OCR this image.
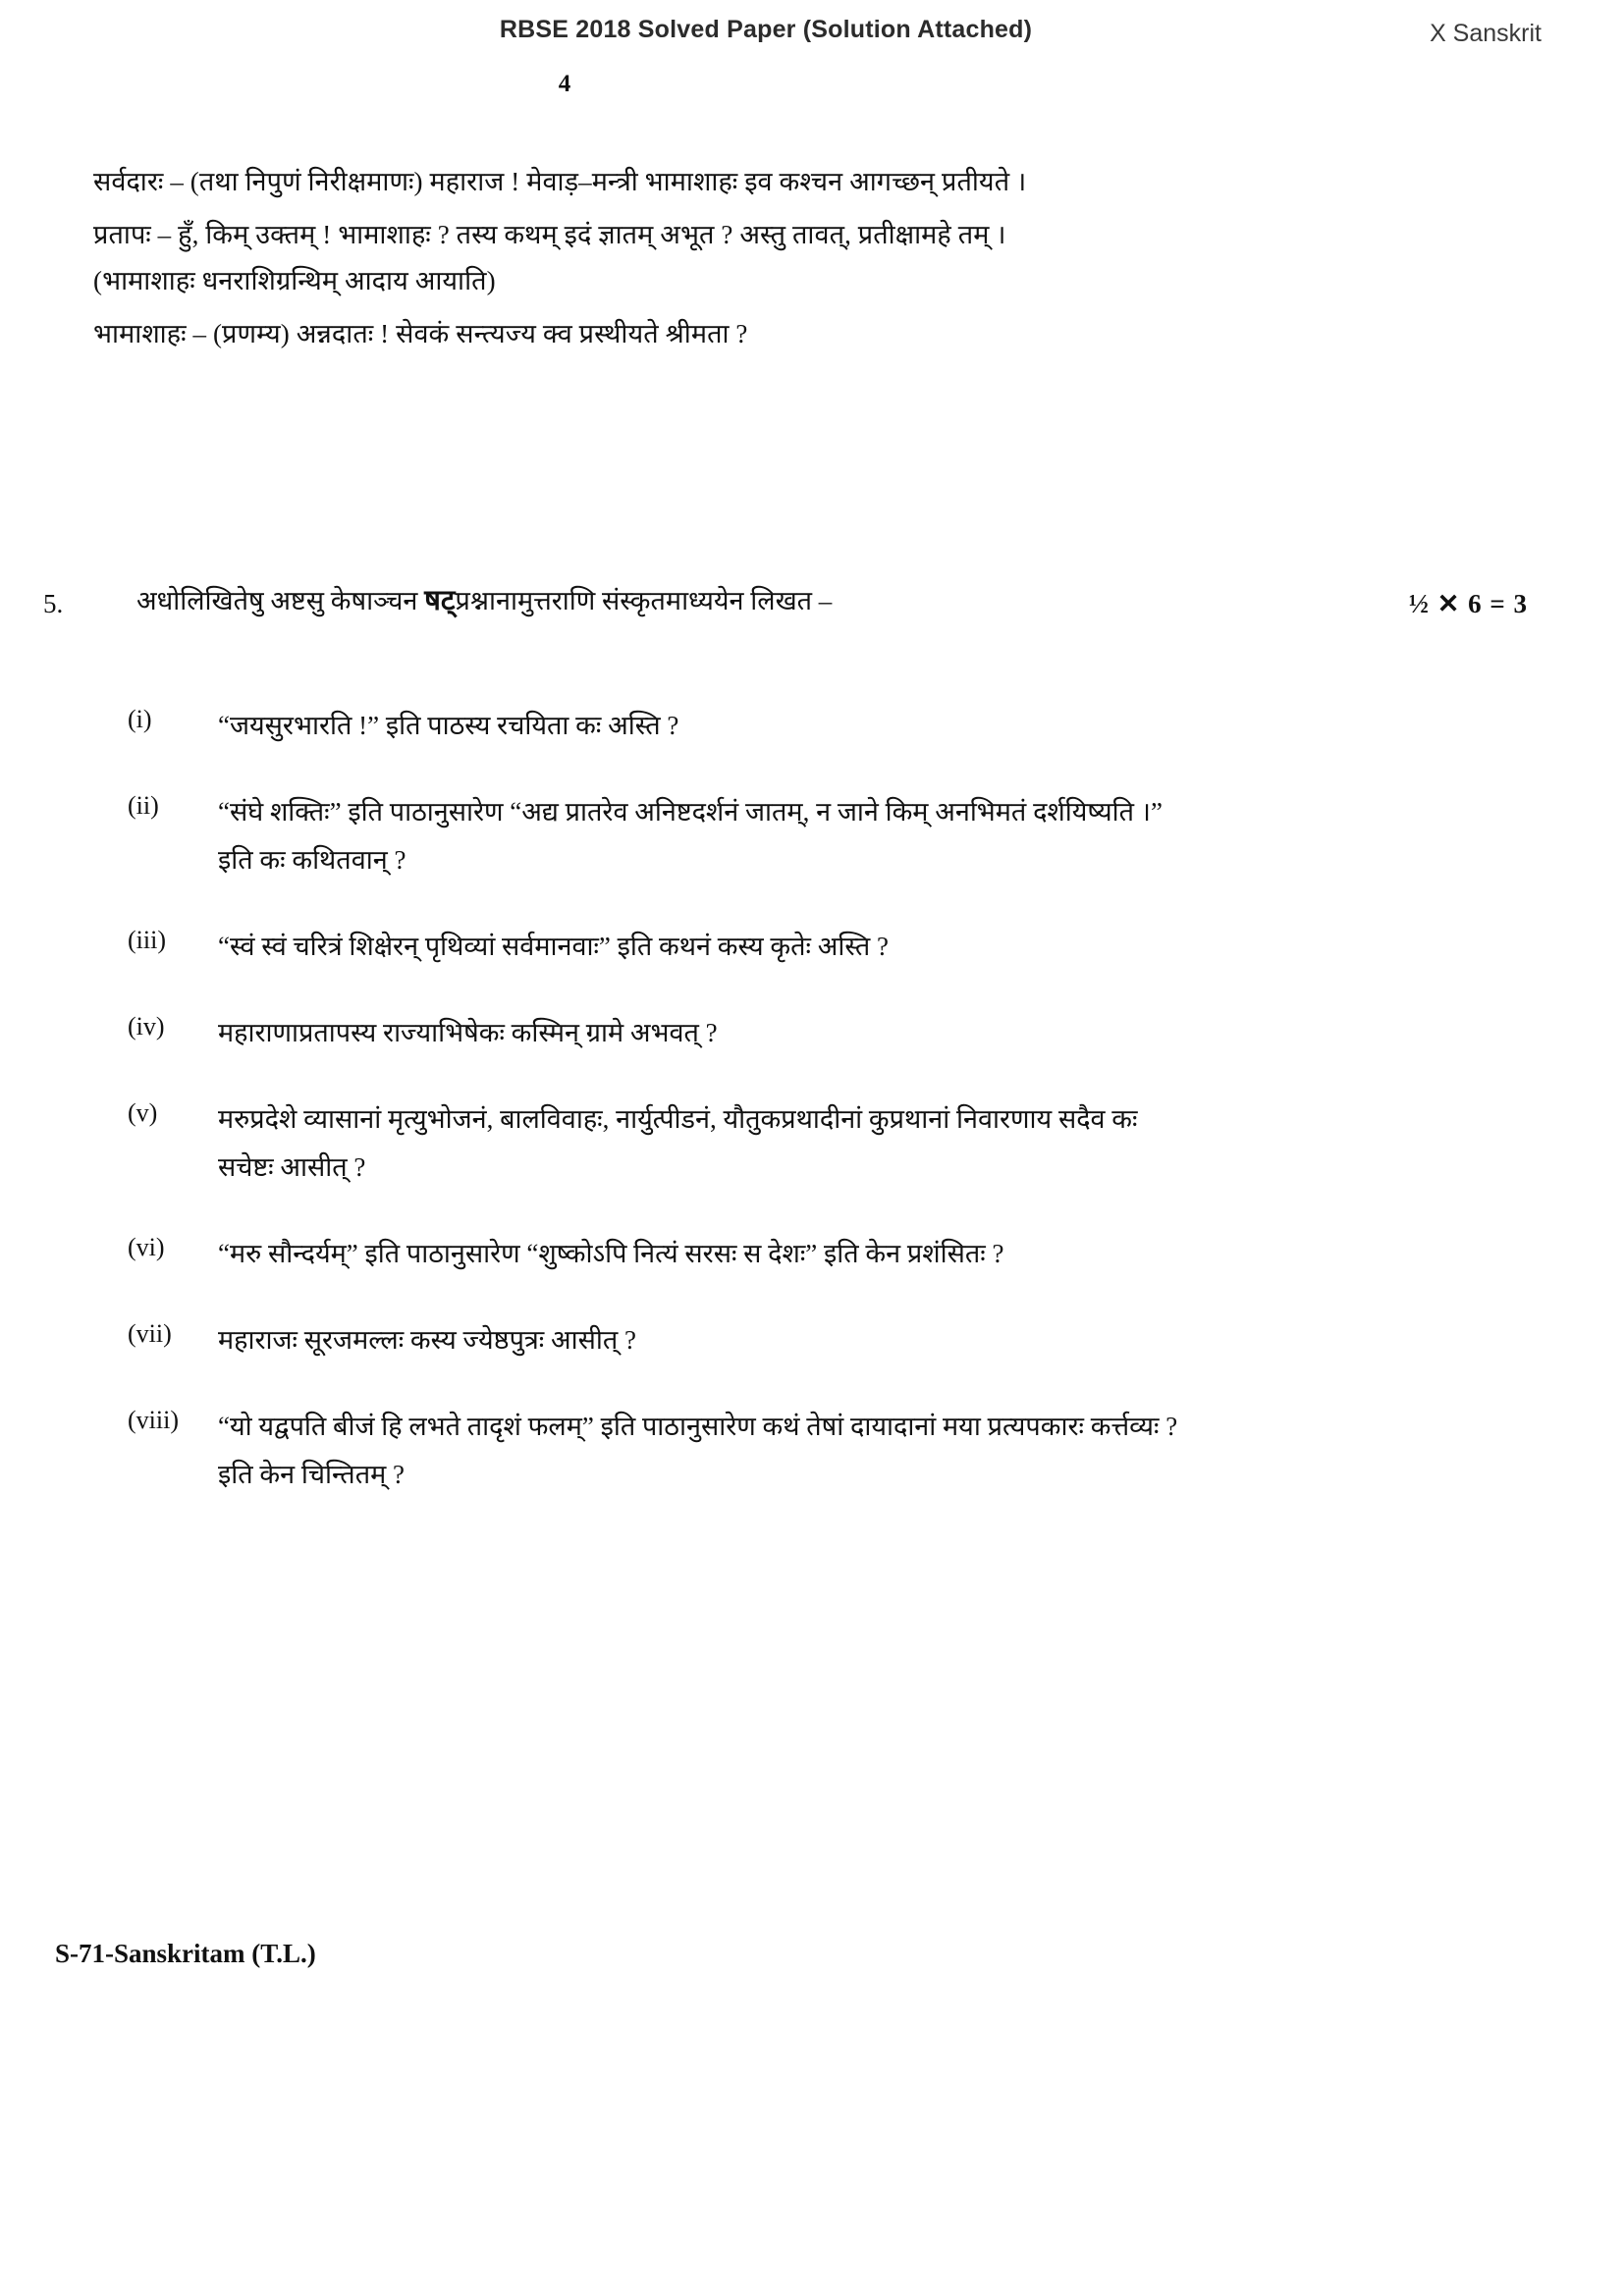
RBSE 2018 Solved Paper (Solution Attached)	X Sanskrit
4
सर्वदारः – (तथा निपुणं निरीक्षमाणः) महाराज ! मेवाड़–मन्त्री भामाशाहः इव कश्चन आगच्छन् प्रतीयते ।
प्रतापः – हुँ, किम् उक्तम् ! भामाशाहः ? तस्य कथम् इदं ज्ञातम् अभूत ? अस्तु तावत्, प्रतीक्षामहे तम् ।
(भामाशाहः धनराशिग्रन्थिम् आदाय आयाति)
भामाशाहः – (प्रणम्य) अन्नदातः ! सेवकं सन्त्यज्य क्व प्रस्थीयते श्रीमता ?
5.	अधोलिखितेषु अष्टसु केषाञ्चन षट्प्रश्नानामुत्तराणि संस्कृतमाध्ययेन लिखत –	½ ✕ 6 = 3
(i)	“जयसुरभारति !” इति पाठस्य रचयिता कः अस्ति ?
(ii)	“संघे शक्तिः” इति पाठानुसारेण “अद्य प्रातरेव अनिष्टदर्शनं जातम्, न जाने किम् अनभिमतं दर्शयिष्यति ।”
इति कः कथितवान् ?
(iii)	“स्वं स्वं चरित्रं शिक्षेरन् पृथिव्यां सर्वमानवाः” इति कथनं कस्य कृतेः अस्ति ?
(iv)	महाराणाप्रतापस्य राज्याभिषेकः कस्मिन् ग्रामे अभवत् ?
(v)	मरुप्रदेशे व्यासानां मृत्युभोजनं, बालविवाहः, नार्युत्पीडनं, यौतुकप्रथादीनां कुप्रथानां निवारणाय सदैव कः
सचेष्टः आसीत् ?
(vi)	“मरु सौन्दर्यम्” इति पाठानुसारेण “शुष्कोऽपि नित्यं सरसः स देशः” इति केन प्रशंसितः ?
(vii)	महाराजः सूरजमल्लः कस्य ज्येष्ठपुत्रः आसीत् ?
(viii)	“यो यद्वपति बीजं हि लभते तादृशं फलम्” इति पाठानुसारेण कथं तेषां दायादानां मया प्रत्यपकारः कर्त्तव्यः ?
इति केन चिन्तितम् ?
S-71-Sanskritam (T.L.)
